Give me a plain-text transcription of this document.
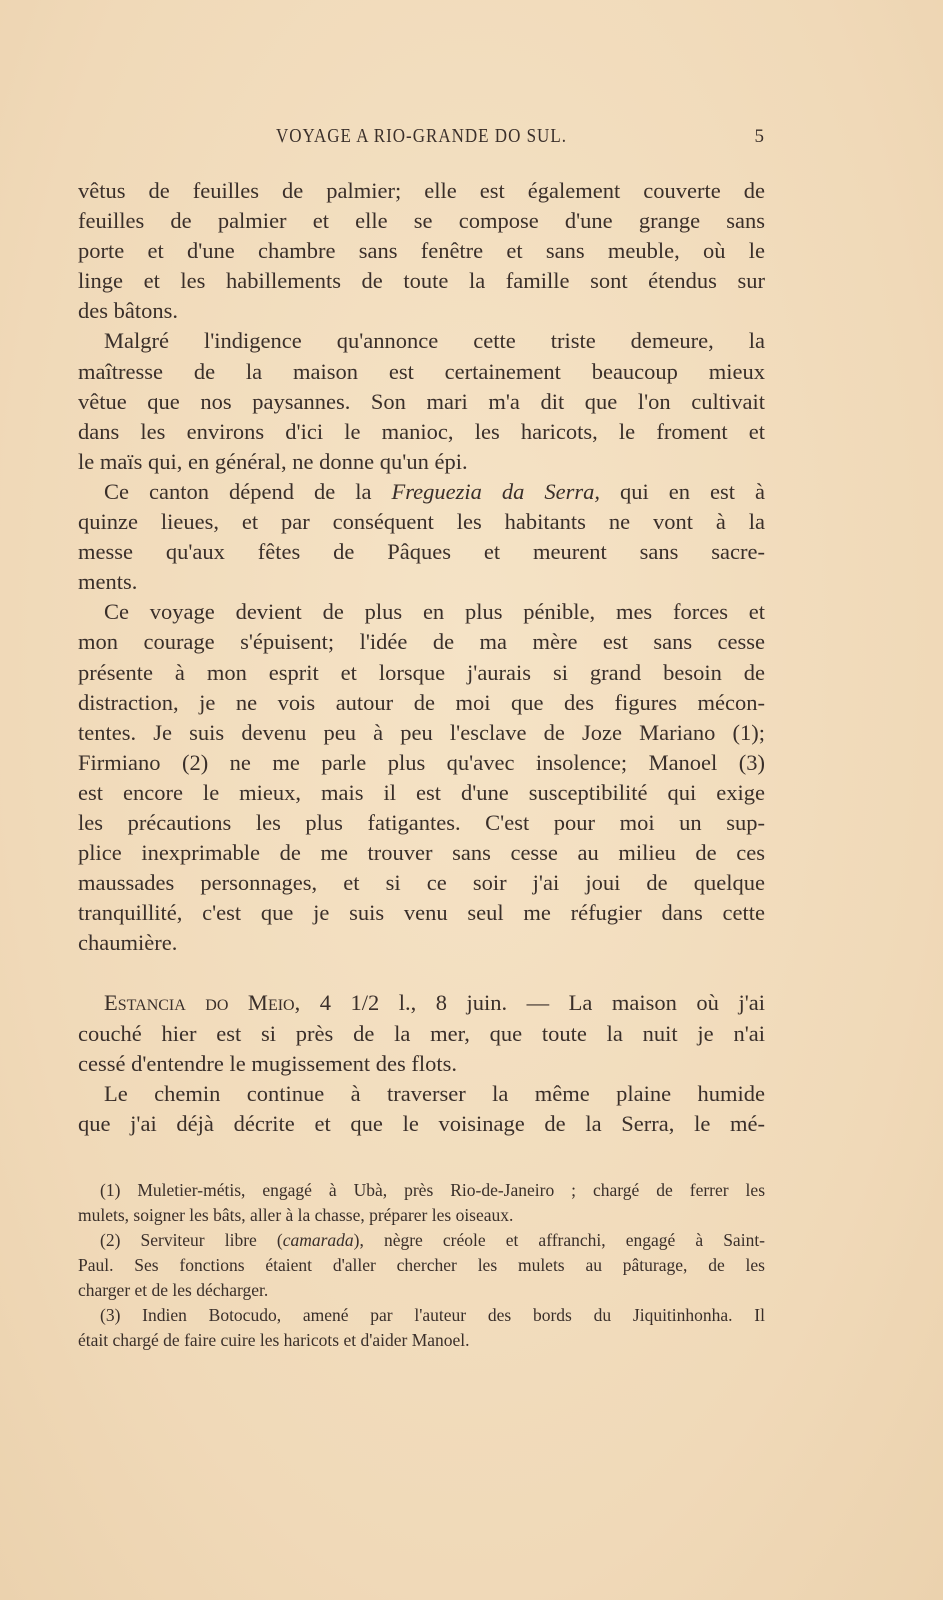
VOYAGE A RIO-GRANDE DO SUL.	5
vêtus de feuilles de palmier; elle est également couverte de
feuilles de palmier et elle se compose d'une grange sans
porte et d'une chambre sans fenêtre et sans meuble, où le
linge et les habillements de toute la famille sont étendus sur
des bâtons.
Malgré l'indigence qu'annonce cette triste demeure, la
maîtresse de la maison est certainement beaucoup mieux
vêtue que nos paysannes. Son mari m'a dit que l'on cultivait
dans les environs d'ici le manioc, les haricots, le froment et
le maïs qui, en général, ne donne qu'un épi.
Ce canton dépend de la Freguezia da Serra, qui en est à
quinze lieues, et par conséquent les habitants ne vont à la
messe qu'aux fêtes de Pâques et meurent sans sacre-
ments.
Ce voyage devient de plus en plus pénible, mes forces et
mon courage s'épuisent; l'idée de ma mère est sans cesse
présente à mon esprit et lorsque j'aurais si grand besoin de
distraction, je ne vois autour de moi que des figures mécon-
tentes. Je suis devenu peu à peu l'esclave de Joze Mariano (1);
Firmiano (2) ne me parle plus qu'avec insolence; Manoel (3)
est encore le mieux, mais il est d'une susceptibilité qui exige
les précautions les plus fatigantes. C'est pour moi un sup-
plice inexprimable de me trouver sans cesse au milieu de ces
maussades personnages, et si ce soir j'ai joui de quelque
tranquillité, c'est que je suis venu seul me réfugier dans cette
chaumière.
Estancia do Meio, 4 1/2 l., 8 juin. — La maison où j'ai
couché hier est si près de la mer, que toute la nuit je n'ai
cessé d'entendre le mugissement des flots.
Le chemin continue à traverser la même plaine humide
que j'ai déjà décrite et que le voisinage de la Serra, le mé-
(1) Muletier-métis, engagé à Ubà, près Rio-de-Janeiro ; chargé de ferrer les
mulets, soigner les bâts, aller à la chasse, préparer les oiseaux.
(2) Serviteur libre (camarada), nègre créole et affranchi, engagé à Saint-
Paul. Ses fonctions étaient d'aller chercher les mulets au pâturage, de les
charger et de les décharger.
(3) Indien Botocudo, amené par l'auteur des bords du Jiquitinhonha. Il
était chargé de faire cuire les haricots et d'aider Manoel.
